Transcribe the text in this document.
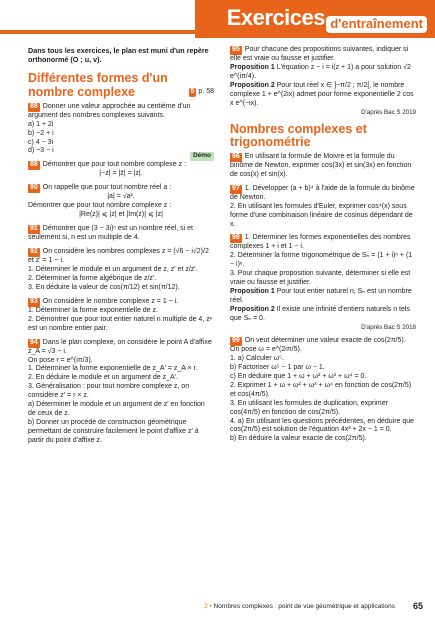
Exercices d'entraînement

Dans tous les exercices, le plan est muni d'un repère orthonormé (O ; u, v).

Différentes formes d'un nombre complexe	5 p. 58
88 Donner une valeur approchée au centième d'un argument des nombres complexes suivants.
a) 1 + 2i
b) −2 + i
c) 4 − 3i
d) −3 − i
Démo
89 Démontrer que pour tout nombre complexe z :
|−z| = |z̄| = |z|.
90 On rappelle que pour tout nombre réel a :
|a| = √a².
Démontrer que pour tout nombre complexe z :
|Re(z)| ⩽ |z| et |Im(z)| ⩽ |z|
91 Démontrer que (3 − 3i)ⁿ est un nombre réel, si et seulement si, n est un multiple de 4.
92 On considère les nombres complexes z = (√6 − i√2)/2 et z′ = 1 − i.
1. Déterminer le module et un argument de z, z′ et z/z′.
2. Déterminer la forme algébrique de z/z′.
3. En déduire la valeur de cos(π/12) et sin(π/12).
93 On considère le nombre complexe z = 1 − i.
1. Déterminer la forme exponentielle de z.
2. Démontrer que pour tout entier naturel n multiple de 4, zⁿ est un nombre entier pair.
94 Dans le plan complexe, on considère le point A d'affixe z_A = √3 − i.
On pose r = e^(iπ/3).
1. Déterminer la forme exponentielle de z_A′ = z_A × r.
2. En déduire le module et un argument de z_A′.
3. Généralisation : pour tout nombre complexe z, on considère z′ = r × z.
a) Déterminer le module et un argument de z′ en fonction de ceux de z.
b) Donner un procédé de construction géométrique permettant de construire facilement le point d'affixe z′ à partir du point d'affixe z.
95 Pour chacune des propositions suivantes, indiquer si elle est vraie ou fausse et justifier.
Proposition 1 L'équation z − i = i(z + 1) a pour solution √2 e^(iπ/4).
Proposition 2 Pour tout réel x ∈ ]−π/2 ; π/2[, le nombre complexe 1 + e^(2ix) admet pour forme exponentielle 2 cos x e^(−ix).
D'après Bac S 2019
Nombres complexes et trigonométrie
96 En utilisant la formule de Moivre et la formule du binôme de Newton, exprimer cos(3x) et sin(3x) en fonction de cos(x) et sin(x).
97 1. Développer (a + b)⁴ à l'aide de la formule du binôme de Newton.
2. En utilisant les formules d'Euler, exprimer cos⁴(x) sous forme d'une combinaison linéaire de cosinus dépendant de x.
98 1. Déterminer les formes exponentielles des nombres complexes 1 + i et 1 − i.
2. Déterminer la forme trigonométrique de Sₙ = (1 + i)ⁿ + (1 − i)ⁿ.
3. Pour chaque proposition suivante, déterminer si elle est vraie ou fausse et justifier.
Proposition 1 Pour tout entier naturel n, Sₙ est un nombre réel.
Proposition 2 Il existe une infinité d'entiers naturels n tels que Sₙ = 0.
D'après Bac S 2018
99 On veut déterminer une valeur exacte de cos(2π/5).
On pose ω = e^(2iπ/5).
1. a) Calculer ω⁵.
b) Factoriser ω⁵ − 1 par ω − 1.
c) En déduire que 1 + ω + ω² + ω³ + ω⁴ = 0.
2. Exprimer 1 + ω + ω² + ω³ + ω⁴ en fonction de cos(2π/5) et cos(4π/5).
3. En utilisant les formules de duplication, exprimer cos(4π/5) en fonction de cos(2π/5).
4. a) En utilisant les questions précédentes, en déduire que cos(2π/5) est solution de l'équation 4x² + 2x − 1 = 0.
b) En déduire la valeur exacte de cos(2π/5).
2 • Nombres complexes : point de vue géométrique et applications 65
